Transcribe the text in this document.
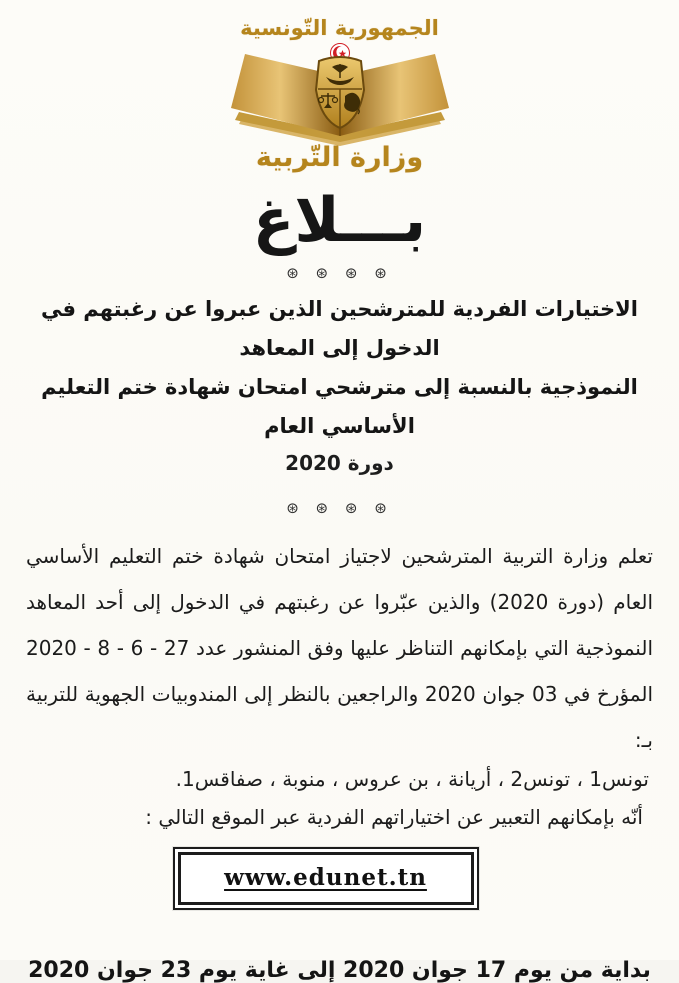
الجمهورية التّونسية
وزارة التّربية
بـــلاغ
⊛ ⊛ ⊛ ⊛
الاختيارات الفردية للمترشحين الذين عبروا عن رغبتهم في الدخول إلى المعاهد
النموذجية بالنسبة إلى مترشحي امتحان شهادة ختم التعليم الأساسي العام
دورة 2020
⊛ ⊛ ⊛ ⊛
تعلم وزارة التربية المترشحين لاجتياز امتحان شهادة ختم التعليم الأساسي العام (دورة 2020) والذين عبّروا عن رغبتهم في الدخول إلى أحد المعاهد النموذجية التي بإمكانهم التناظر عليها وفق المنشور عدد 27 - 6 - 8 - 2020 المؤرخ في 03 جوان 2020 والراجعين بالنظر إلى المندوبيات الجهوية للتربية بـ:
تونس1 ، تونس2 ، أريانة ، بن عروس ، منوبة ، صفاقس1.
أنّه بإمكانهم التعبير عن اختياراتهم الفردية عبر الموقع التالي :
www.edunet.tn
بداية من يوم 17 جوان 2020 إلى غاية يوم 23 جوان 2020
